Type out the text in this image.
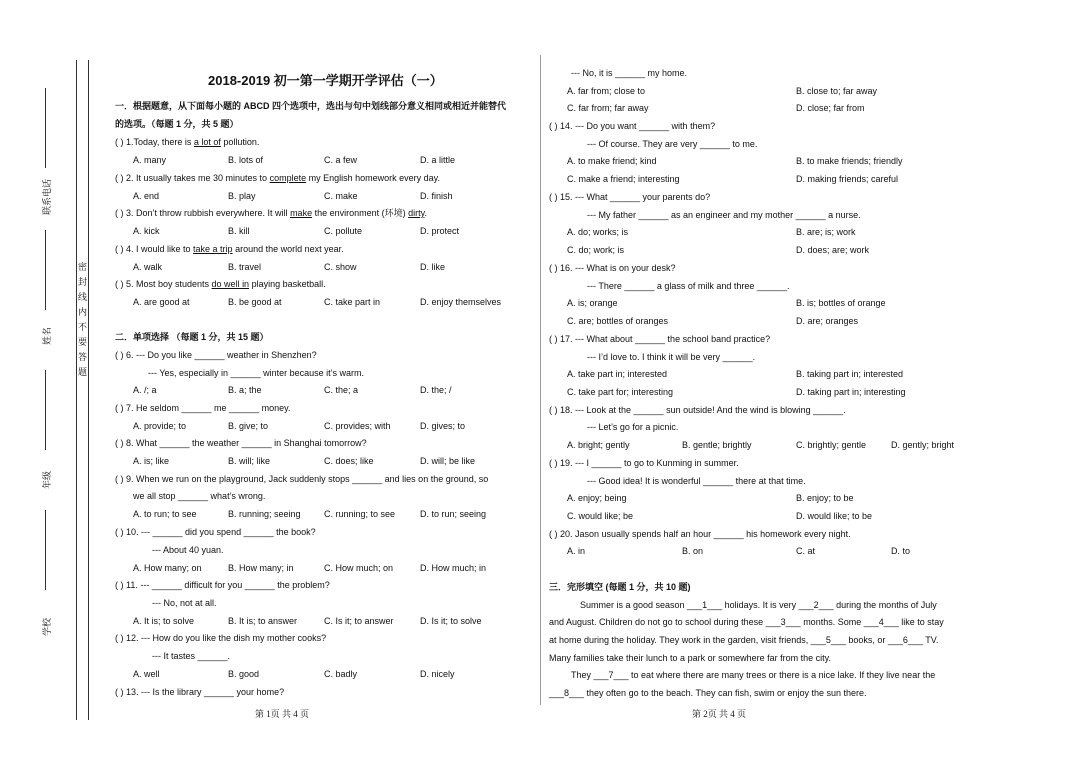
密封线内不要答题
联系电话
姓名
年级
学校
2018-2019 初一第一学期开学评估（一）
一．根据题意，从下面每小题的 ABCD 四个选项中，选出与句中划线部分意义相同或相近并能替代
的选项。（每题 1 分，共 5 题）
( ) 1.Today, there is a lot of pollution.
A. many	B. lots of	C. a few	D. a little
( ) 2. It usually takes me 30 minutes to complete my English homework every day.
A. end	B. play	C. make	D. finish
( ) 3. Don’t throw rubbish everywhere. It will make the environment (环境) dirty.
A. kick	B. kill	C. pollute	D. protect
( ) 4. I would like to take a trip around the world next year.
A. walk	B. travel	C. show	D. like
( ) 5. Most boy students do well in playing basketball.
A. are good at	B. be good at	C. take part in	D. enjoy themselves
二．单项选择 （每题 1 分，共 15 题）
( ) 6. --- Do you like ______ weather in Shenzhen?
--- Yes, especially in ______ winter because it’s warm.
A. /; a	B. a; the	C. the; a	D. the; /
( ) 7. He seldom ______ me ______ money.
A. provide; to	B. give; to	C. provides; with	D. gives; to
( ) 8. What ______ the weather ______ in Shanghai tomorrow?
A. is; like	B. will; like	C. does; like	D. will; be like
( ) 9. When we run on the playground, Jack suddenly stops ______ and lies on the ground, so
we all stop ______ what’s wrong.
A. to run; to see	B. running; seeing	C. running; to see	D. to run; seeing
( ) 10. --- ______ did you spend ______ the book?
--- About 40 yuan.
A. How many; on	B. How many; in	C. How much; on	D. How much; in
( ) 11. --- ______ difficult for you ______ the problem?
--- No, not at all.
A. It is; to solve	B. It is; to answer	C. Is it; to answer	D. Is it; to solve
( ) 12. --- How do you like the dish my mother cooks?
--- It tastes ______.
A. well	B. good	C. badly	D. nicely
( ) 13. --- Is the library ______ your home?
第 1页 共 4 页
--- No, it is ______ my home.
A. far from; close to	B. close to; far away
C. far from; far away	D. close; far from
( ) 14. --- Do you want ______ with them?
--- Of course. They are very ______ to me.
A. to make friend; kind	B. to make friends; friendly
C. make a friend; interesting	D. making friends; careful
( ) 15. --- What ______ your parents do?
--- My father ______ as an engineer and my mother ______ a nurse.
A. do; works; is	B. are; is; work
C. do; work; is	D. does; are; work
( ) 16. --- What is on your desk?
--- There ______ a glass of milk and three ______.
A. is; orange	B. is; bottles of orange
C. are; bottles of oranges	D. are; oranges
( ) 17. --- What about ______ the school band practice?
--- I’d love to. I think it will be very ______.
A. take part in; interested	B. taking part in; interested
C. take part for; interesting	D. taking part in; interesting
( ) 18. --- Look at the ______ sun outside! And the wind is blowing ______.
--- Let’s go for a picnic.
A. bright; gently	B. gentle; brightly	C. brightly; gentle	D. gently; bright
( ) 19. --- I ______ to go to Kunming in summer.
--- Good idea! It is wonderful ______ there at that time.
A. enjoy; being	B. enjoy; to be
C. would like; be	D. would like; to be
( ) 20. Jason usually spends half an hour ______ his homework every night.
A. in	B. on	C. at	D. to
三．完形填空 (每题 1 分，共 10 题)
Summer is a good season ___1___ holidays. It is very ___2___ during the months of July
and August. Children do not go to school during these ___3___ months. Some ___4___ like to stay
at home during the holiday. They work in the garden, visit friends, ___5___ books, or ___6___ TV.
Many families take their lunch to a park or somewhere far from the city.
They ___7___ to eat where there are many trees or there is a nice lake. If they live near the
___8___ they often go to the beach. They can fish, swim or enjoy the sun there.
第 2页 共 4 页
